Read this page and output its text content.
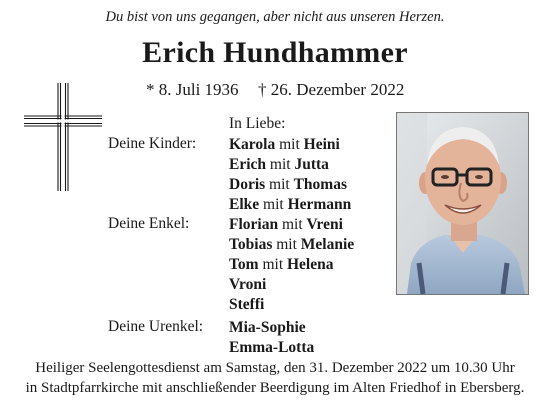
Du bist von uns gegangen, aber nicht aus unseren Herzen.
Erich Hundhammer
* 8. Juli 1936 † 26. Dezember 2022
In Liebe:
Deine Kinder: Karola mit Heini
Erich mit Jutta
Doris mit Thomas
Elke mit Hermann
Deine Enkel:	Florian mit Vreni
Tobias mit Melanie
Tom mit Helena
Vroni
Steffi
Deine Urenkel: Mia-Sophie
Emma-Lotta
Heiliger Seelengottesdienst am Samstag, den 31. Dezember 2022 um 10.30 Uhr
in Stadtpfarrkirche mit anschließender Beerdigung im Alten Friedhof in Ebersberg.
